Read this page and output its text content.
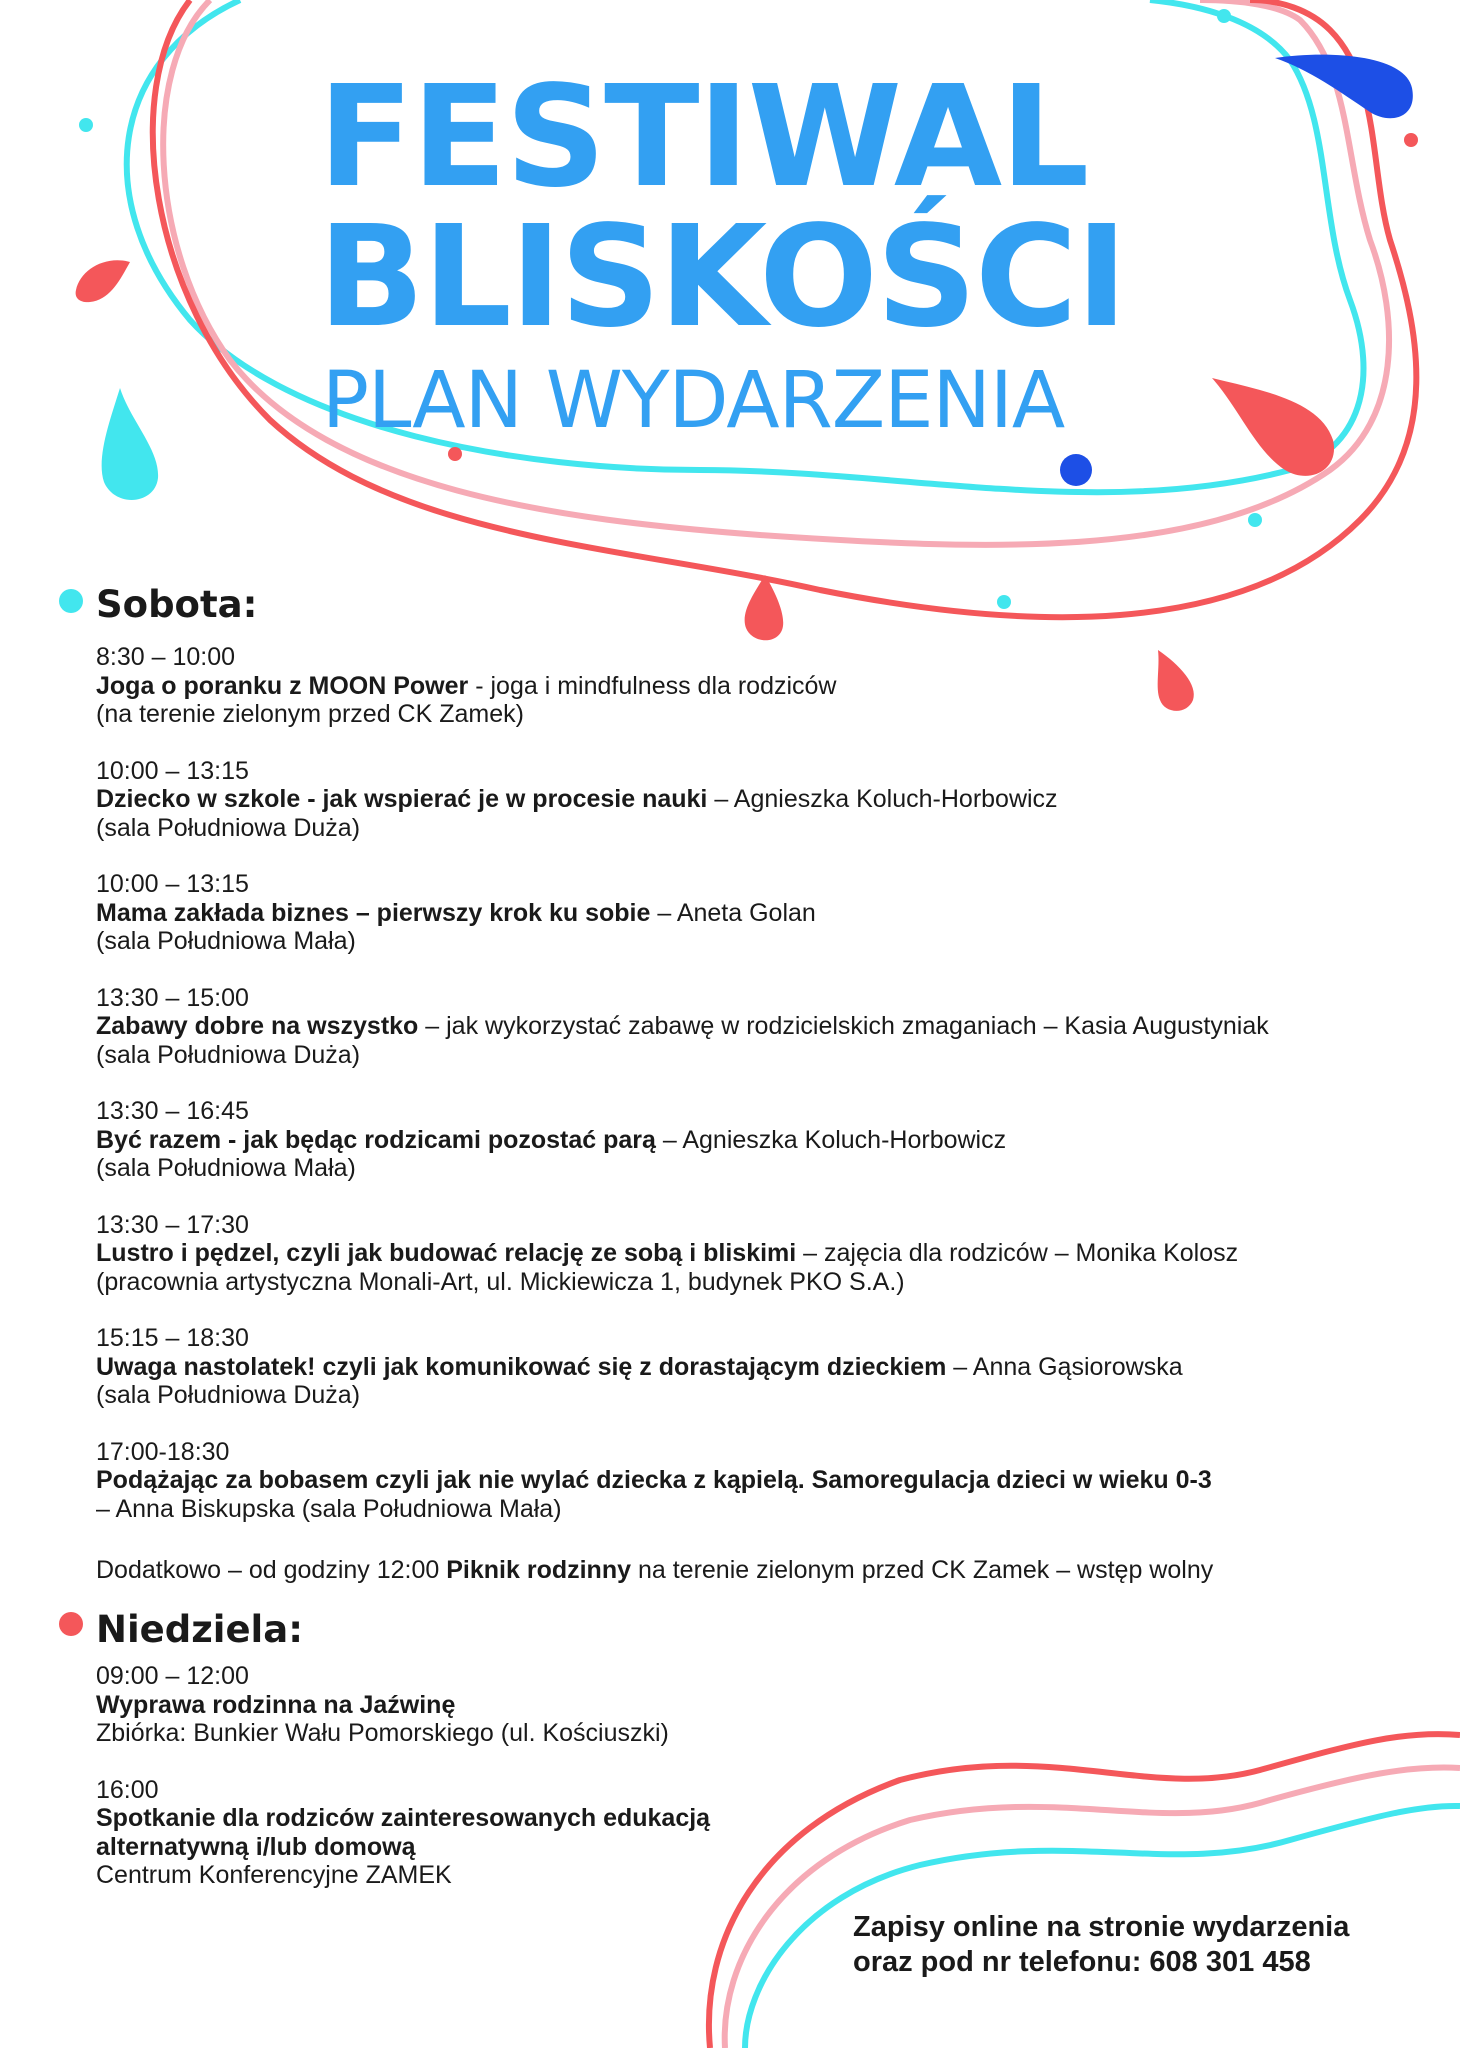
FESTIWAL
BLISKOŚCI
PLAN WYDARZENIA
Sobota:
8:30 – 10:00
Joga o poranku z MOON Power - joga i mindfulness dla rodziców
(na terenie zielonym przed CK Zamek)
10:00 – 13:15
Dziecko w szkole - jak wspierać je w procesie nauki – Agnieszka Koluch-Horbowicz
(sala Południowa Duża)
10:00 – 13:15
Mama zakłada biznes – pierwszy krok ku sobie – Aneta Golan
(sala Południowa Mała)
13:30 – 15:00
Zabawy dobre na wszystko – jak wykorzystać zabawę w rodzicielskich zmaganiach – Kasia Augustyniak
(sala Południowa Duża)
13:30 – 16:45
Być razem - jak będąc rodzicami pozostać parą – Agnieszka Koluch-Horbowicz
(sala Południowa Mała)
13:30 – 17:30
Lustro i pędzel, czyli jak budować relację ze sobą i bliskimi – zajęcia dla rodziców – Monika Kolosz
(pracownia artystyczna Monali-Art, ul. Mickiewicza 1, budynek PKO S.A.)
15:15 – 18:30
Uwaga nastolatek! czyli jak komunikować się z dorastającym dzieckiem – Anna Gąsiorowska
(sala Południowa Duża)
17:00-18:30
Podążając za bobasem czyli jak nie wylać dziecka z kąpielą. Samoregulacja dzieci w wieku 0-3
– Anna Biskupska (sala Południowa Mała)
Dodatkowo – od godziny 12:00 Piknik rodzinny na terenie zielonym przed CK Zamek – wstęp wolny
Niedziela:
09:00 – 12:00
Wyprawa rodzinna na Jaźwinę
Zbiórka: Bunkier Wału Pomorskiego (ul. Kościuszki)
16:00
Spotkanie dla rodziców zainteresowanych edukacją
alternatywną i/lub domową
Centrum Konferencyjne ZAMEK
Zapisy online na stronie wydarzenia
oraz pod nr telefonu: 608 301 458
